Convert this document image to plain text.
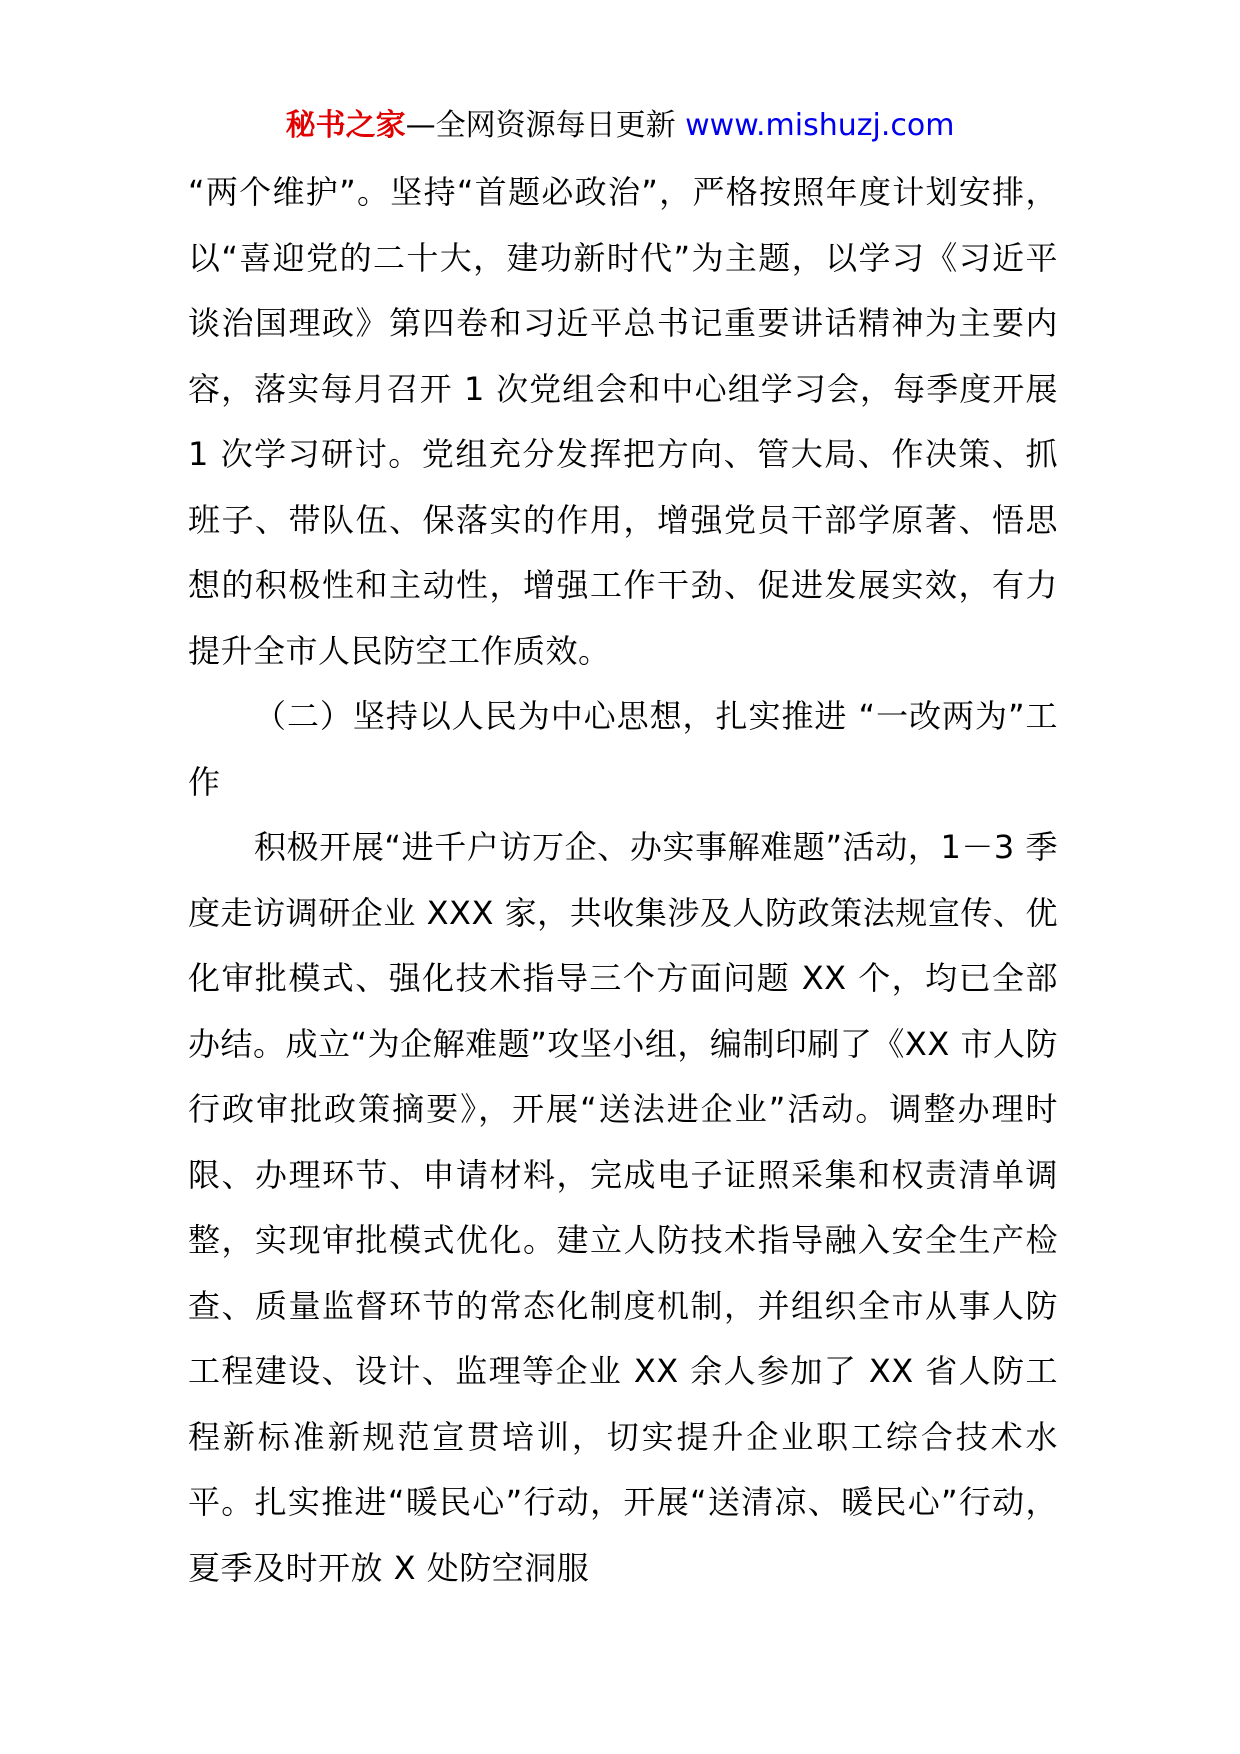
秘书之家—全网资源每日更新 www.mishuzj.com

“两个维护”。坚持“首题必政治”，严格按照年度计划安排，以“喜迎党的二十大，建功新时代”为主题，以学习《习近平谈治国理政》第四卷和习近平总书记重要讲话精神为主要内容，落实每月召开 1 次党组会和中心组学习会，每季度开展 1 次学习研讨。党组充分发挥把方向、管大局、作决策、抓班子、带队伍、保落实的作用，增强党员干部学原著、悟思想的积极性和主动性，增强工作干劲、促进发展实效，有力提升全市人民防空工作质效。

（二）坚持以人民为中心思想，扎实推进 “一改两为”工作

积极开展“进千户访万企、办实事解难题”活动，1－3 季度走访调研企业 XXX 家，共收集涉及人防政策法规宣传、优化审批模式、强化技术指导三个方面问题 XX 个，均已全部办结。成立“为企解难题”攻坚小组，编制印刷了《XX 市人防行政审批政策摘要》，开展“送法进企业”活动。调整办理时限、办理环节、申请材料，完成电子证照采集和权责清单调整，实现审批模式优化。建立人防技术指导融入安全生产检查、质量监督环节的常态化制度机制，并组织全市从事人防工程建设、设计、监理等企业 XX 余人参加了 XX 省人防工程新标准新规范宣贯培训，切实提升企业职工综合技术水平。扎实推进“暖民心”行动，开展“送清凉、暖民心”行动，夏季及时开放 X 处防空洞服
